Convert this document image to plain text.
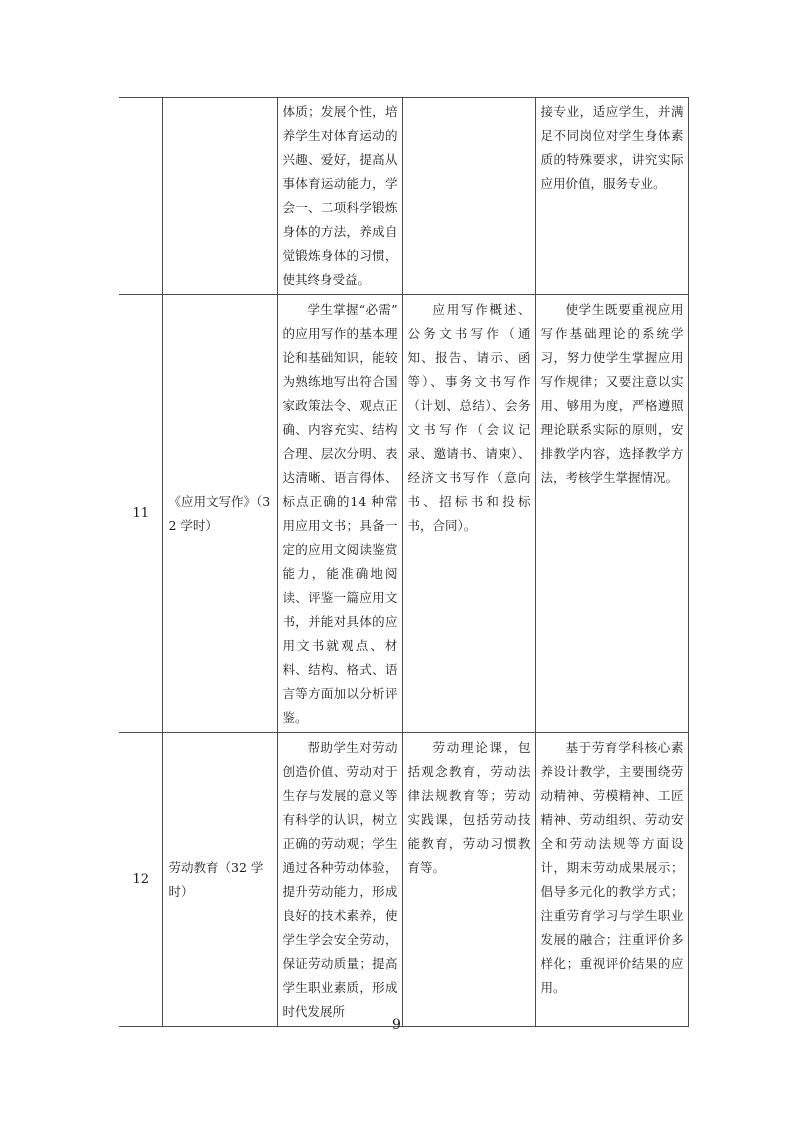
		体质；发展个性，培养学生对体育运动的兴趣、爱好，提高从事体育运动能力，学会一、二项科学锻炼身体的方法，养成自觉锻炼身体的习惯，使其终身受益。		接专业，适应学生，并满足不同岗位对学生身体素质的特殊要求，讲究实际应用价值，服务专业。

11	《应用文写作》（32 学时）	学生掌握“必需”的应用写作的基本理论和基础知识，能较为熟练地写出符合国家政策法令、观点正确、内容充实、结构合理、层次分明、表达清晰、语言得体、标点正确的14 种常用应用文书；具备一定的应用文阅读鉴赏能力，能准确地阅读、评鉴一篇应用文书，并能对具体的应用文书就观点、材料、结构、格式、语言等方面加以分析评鉴。	应用写作概述、公务文书写作（通知、报告、请示、函等）、事务文书写作（计划、总结）、会务文书写作（会议记录、邀请书、请柬）、经济文书写作（意向书、招标书和投标书，合同）。	使学生既要重视应用写作基础理论的系统学习，努力使学生掌握应用写作规律；又要注意以实用、够用为度，严格遵照理论联系实际的原则，安排教学内容，选择教学方法，考核学生掌握情况。

12	劳动教育（32 学时）	帮助学生对劳动创造价值、劳动对于生存与发展的意义等有科学的认识，树立正确的劳动观；学生通过各种劳动体验，提升劳动能力，形成良好的技术素养，使学生学会安全劳动，保证劳动质量；提高学生职业素质，形成时代发展所	劳动理论课，包括观念教育，劳动法律法规教育等；劳动实践课，包括劳动技能教育，劳动习惯教育等。	基于劳育学科核心素养设计教学，主要围绕劳动精神、劳模精神、工匠精神、劳动组织、劳动安全和劳动法规等方面设计，期末劳动成果展示；倡导多元化的教学方式；注重劳育学习与学生职业发展的融合；注重评价多样化；重视评价结果的应用。

9
